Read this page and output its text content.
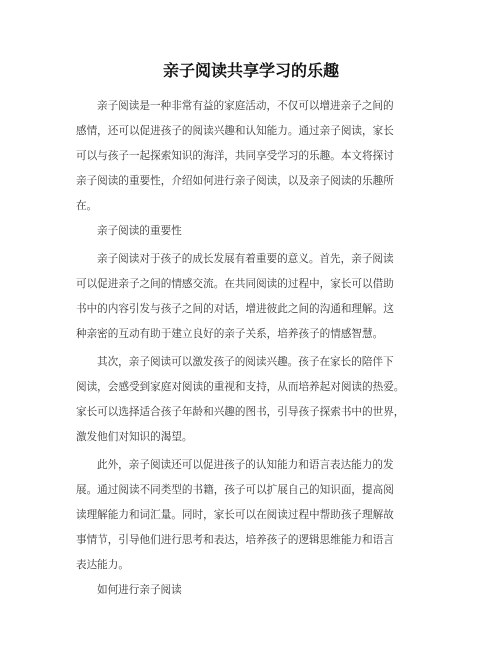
亲子阅读共享学习的乐趣

亲子阅读是一种非常有益的家庭活动，不仅可以增进亲子之间的

感情，还可以促进孩子的阅读兴趣和认知能力。通过亲子阅读，家长

可以与孩子一起探索知识的海洋，共同享受学习的乐趣。本文将探讨

亲子阅读的重要性，介绍如何进行亲子阅读，以及亲子阅读的乐趣所

在。

亲子阅读的重要性

亲子阅读对于孩子的成长发展有着重要的意义。首先，亲子阅读

可以促进亲子之间的情感交流。在共同阅读的过程中，家长可以借助

书中的内容引发与孩子之间的对话，增进彼此之间的沟通和理解。这

种亲密的互动有助于建立良好的亲子关系，培养孩子的情感智慧。

其次，亲子阅读可以激发孩子的阅读兴趣。孩子在家长的陪伴下

阅读，会感受到家庭对阅读的重视和支持，从而培养起对阅读的热爱。

家长可以选择适合孩子年龄和兴趣的图书，引导孩子探索书中的世界，

激发他们对知识的渴望。

此外，亲子阅读还可以促进孩子的认知能力和语言表达能力的发

展。通过阅读不同类型的书籍，孩子可以扩展自己的知识面，提高阅

读理解能力和词汇量。同时，家长可以在阅读过程中帮助孩子理解故

事情节，引导他们进行思考和表达，培养孩子的逻辑思维能力和语言

表达能力。

如何进行亲子阅读
